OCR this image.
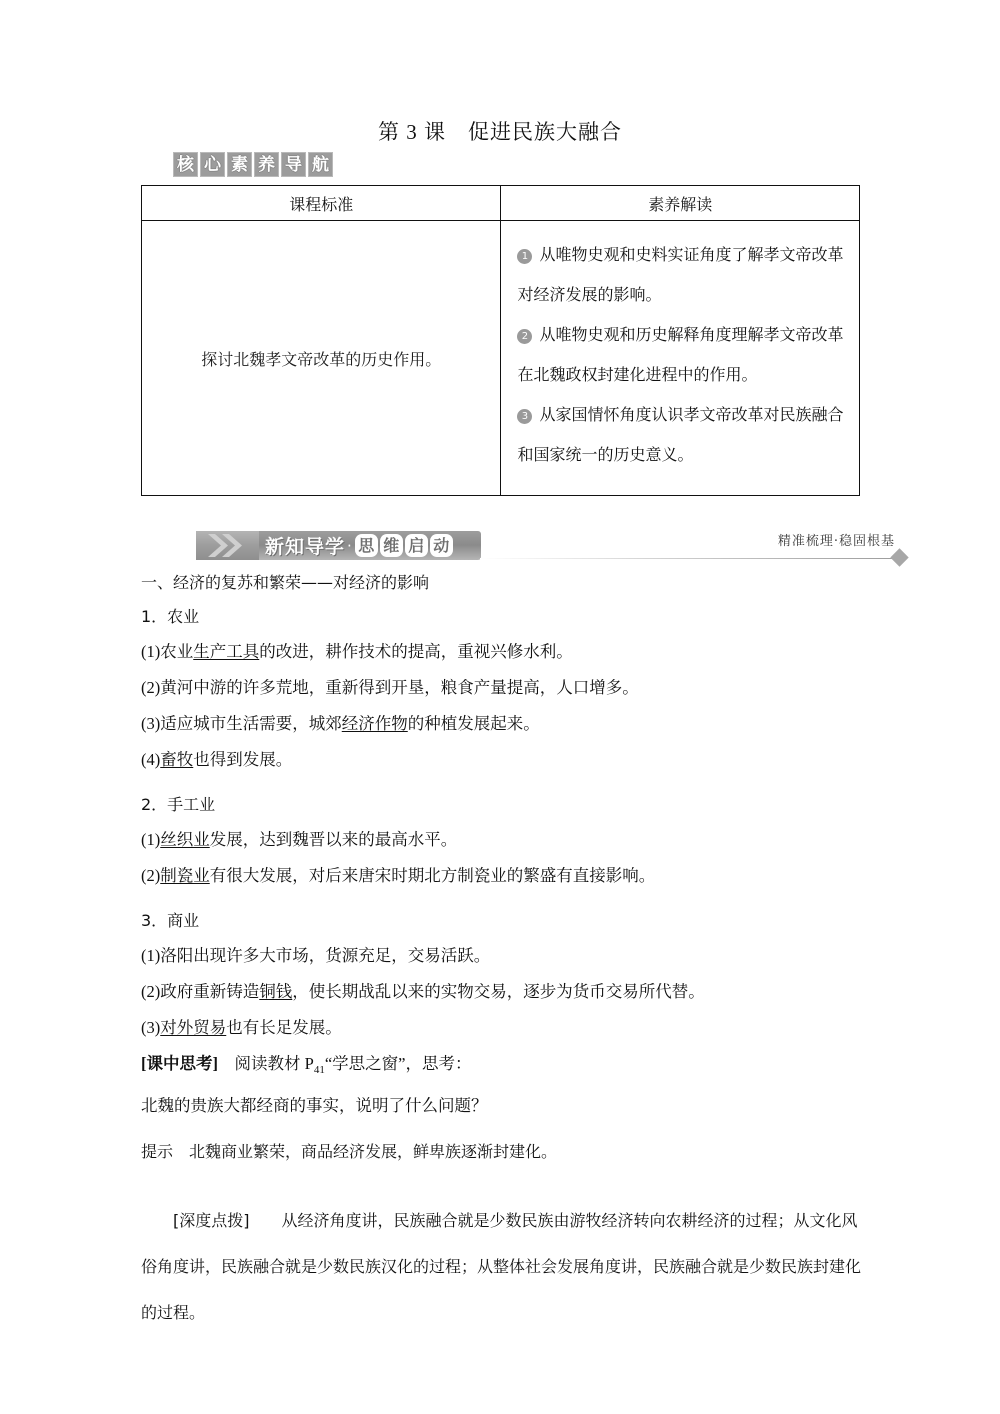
第 3 课　促进民族大融合
核 心 素 养 导 航
课程标准	素养解读
探讨北魏孝文帝改革的历史作用。	1 从唯物史观和史料实证角度了解孝文帝改革对经济发展的影响。
2 从唯物史观和历史解释角度理解孝文帝改革在北魏政权封建化进程中的作用。
3 从家国情怀角度认识孝文帝改革对民族融合和国家统一的历史意义。
新知导学 · 思 维 启 动	精准梳理·稳固根基

一、经济的复苏和繁荣——对经济的影响

1．农业

(1)农业生产工具的改进，耕作技术的提高，重视兴修水利。

(2)黄河中游的许多荒地，重新得到开垦，粮食产量提高，人口增多。

(3)适应城市生活需要，城郊经济作物的种植发展起来。

(4)畜牧也得到发展。

2．手工业

(1)丝织业发展，达到魏晋以来的最高水平。

(2)制瓷业有很大发展，对后来唐宋时期北方制瓷业的繁盛有直接影响。

3．商业

(1)洛阳出现许多大市场，货源充足，交易活跃。

(2)政府重新铸造铜钱，使长期战乱以来的实物交易，逐步为货币交易所代替。

(3)对外贸易也有长足发展。

[课中思考]　 阅读教材 $P_{41}“$学思之窗”，思考：

北魏的贵族大都经商的事实，说明了什么问题？

提示　 北魏商业繁荣，商品经济发展，鲜卑族逐渐封建化。

[深度点拨]　　 从经济角度讲，民族融合就是少数民族由游牧经济转向农耕经济的过程；从文化风俗角度讲，民族融合就是少数民族汉化的过程；从整体社会发展角度讲，民族融合就是少数民族封建化的过程。
